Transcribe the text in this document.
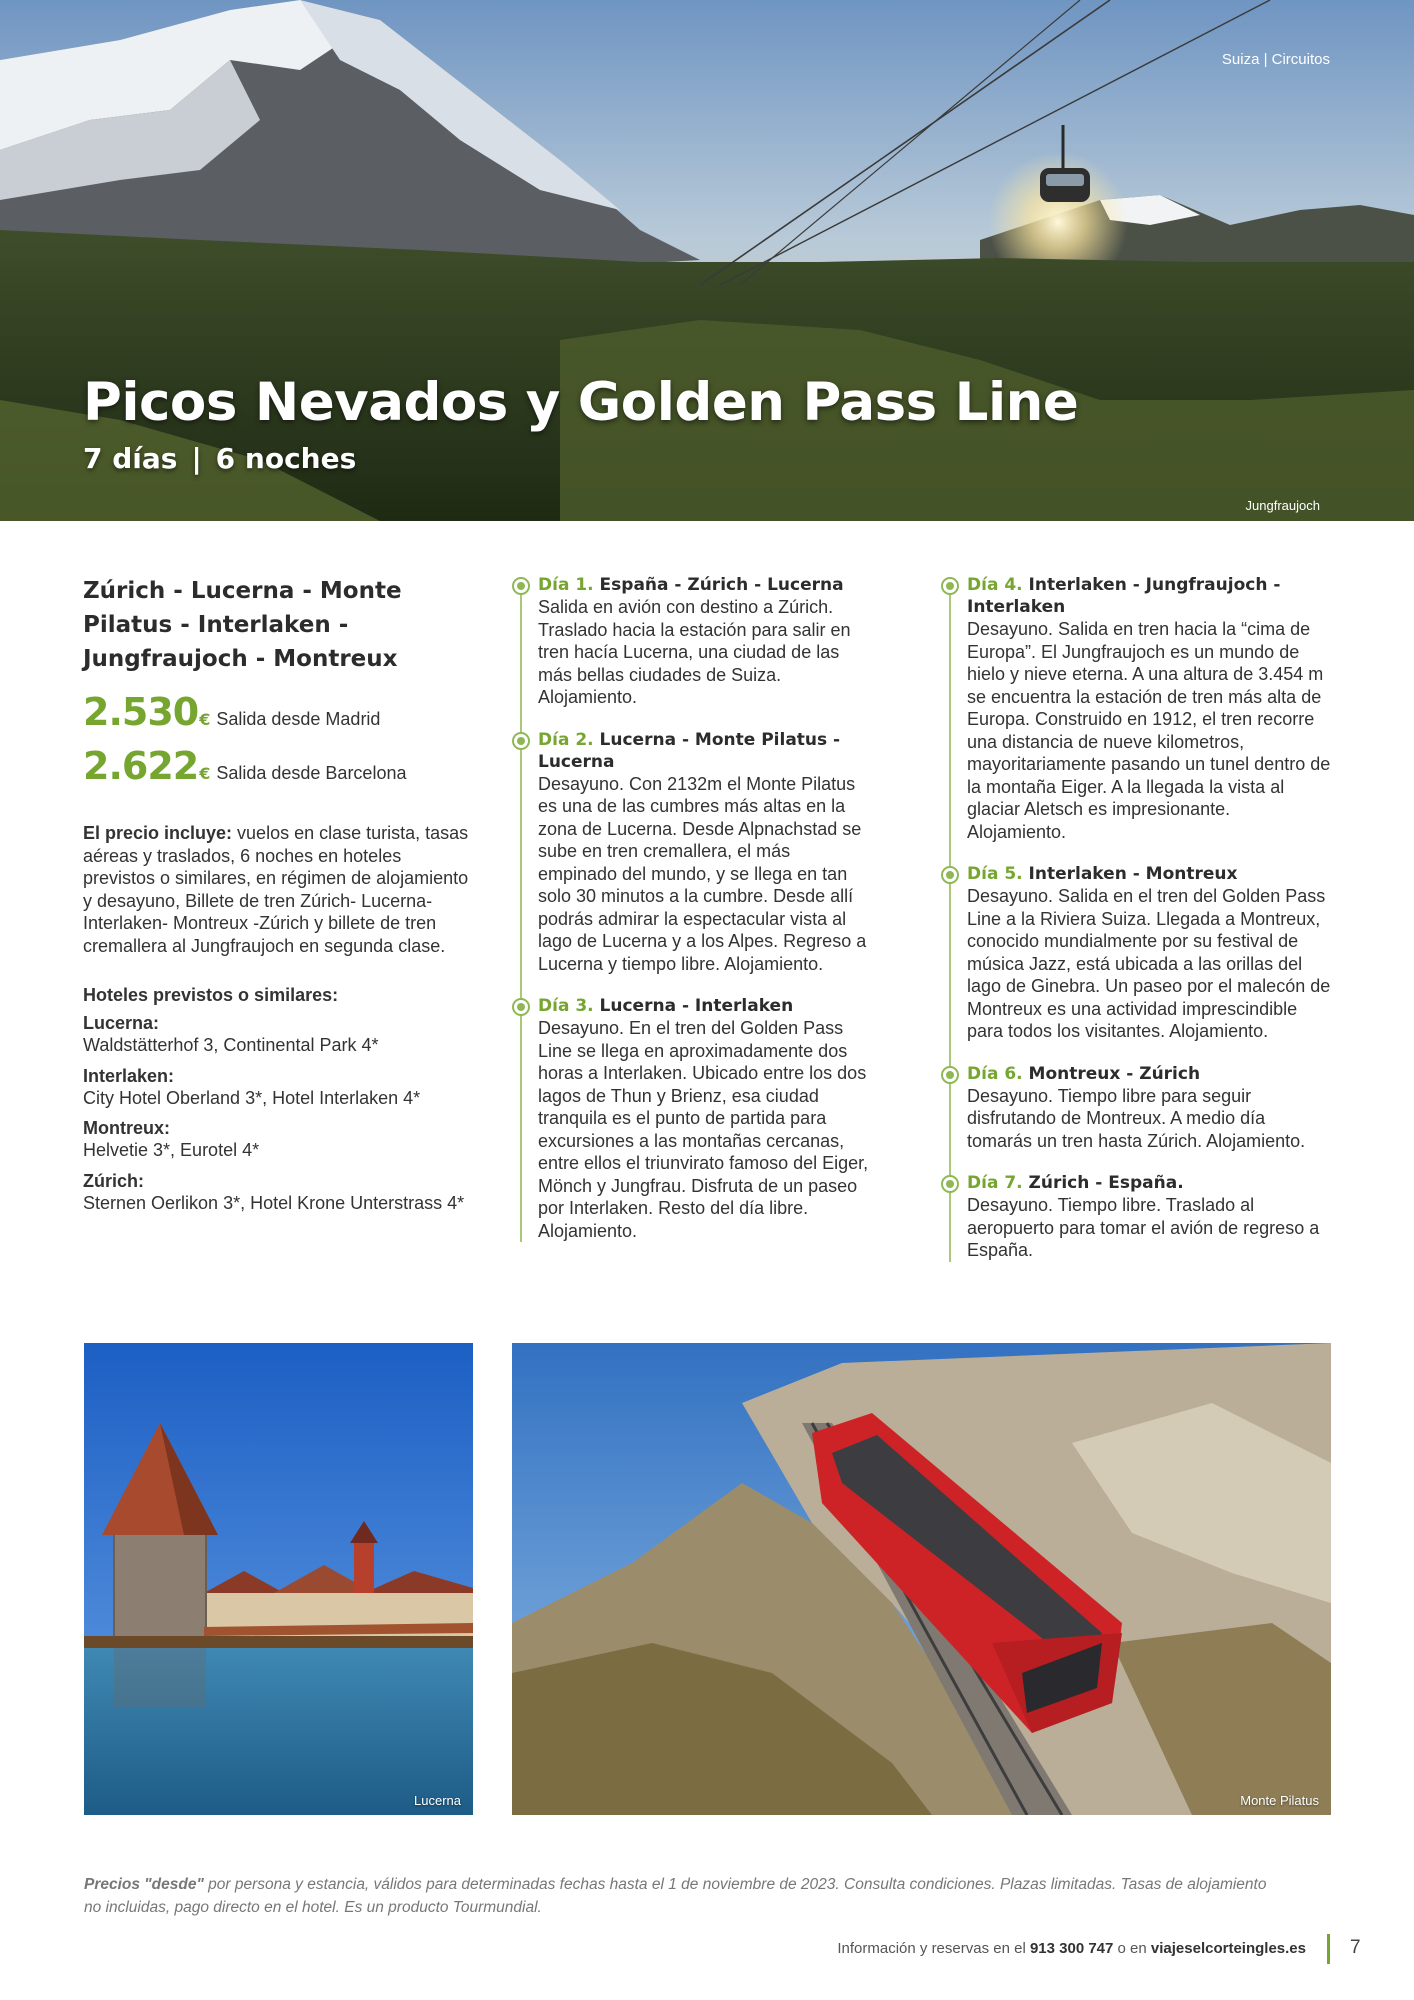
Suiza | Circuitos
Picos Nevados y Golden Pass Line
7 días | 6 noches
Jungfraujoch
Zúrich - Lucerna - Monte Pilatus - Interlaken - Jungfraujoch - Montreux
2.530 € Salida desde Madrid
2.622 € Salida desde Barcelona
El precio incluye: vuelos en clase turista, tasas aéreas y traslados, 6 noches en hoteles previstos o similares, en régimen de alojamiento y desayuno, Billete de tren Zúrich- Lucerna- Interlaken- Montreux -Zúrich y billete de tren cremallera al Jungfraujoch en segunda clase.
Hoteles previstos o similares:
Lucerna:
Waldstätterhof 3, Continental Park 4*
Interlaken:
City Hotel Oberland 3*, Hotel Interlaken 4*
Montreux:
Helvetie 3*, Eurotel 4*
Zúrich:
Sternen Oerlikon 3*, Hotel Krone Unterstrass 4*
Día 1. España - Zúrich - Lucerna
Salida en avión con destino a Zúrich. Traslado hacia la estación para salir en tren hacía Lucerna, una ciudad de las más bellas ciudades de Suiza. Alojamiento.
Día 2. Lucerna - Monte Pilatus - Lucerna
Desayuno. Con 2132m el Monte Pilatus es una de las cumbres más altas en la zona de Lucerna. Desde Alpnachstad se sube en tren cremallera, el más empinado del mundo, y se llega en tan solo 30 minutos a la cumbre. Desde allí podrás admirar la espectacular vista al lago de Lucerna y a los Alpes. Regreso a Lucerna y tiempo libre. Alojamiento.
Día 3. Lucerna - Interlaken
Desayuno. En el tren del Golden Pass Line se llega en aproximadamente dos horas a Interlaken. Ubicado entre los dos lagos de Thun y Brienz, esa ciudad tranquila es el punto de partida para excursiones a las montañas cercanas, entre ellos el triunvirato famoso del Eiger, Mönch y Jungfrau. Disfruta de un paseo por Interlaken. Resto del día libre. Alojamiento.
Día 4. Interlaken - Jungfraujoch - Interlaken
Desayuno. Salida en tren hacia la “cima de Europa”. El Jungfraujoch es un mundo de hielo y nieve eterna. A una altura de 3.454 m se encuentra la estación de tren más alta de Europa. Construido en 1912, el tren recorre una distancia de nueve kilometros, mayoritariamente pasando un tunel dentro de la montaña Eiger. A la llegada la vista al glaciar Aletsch es impresionante. Alojamiento.
Día 5. Interlaken - Montreux
Desayuno. Salida en el tren del Golden Pass Line a la Riviera Suiza. Llegada a Montreux, conocido mundialmente por su festival de música Jazz, está ubicada a las orillas del lago de Ginebra. Un paseo por el malecón de Montreux es una actividad imprescindible para todos los visitantes. Alojamiento.
Día 6. Montreux - Zúrich
Desayuno. Tiempo libre para seguir disfrutando de Montreux. A medio día tomarás un tren hasta Zúrich. Alojamiento.
Día 7. Zúrich - España.
Desayuno. Tiempo libre. Traslado al aeropuerto para tomar el avión de regreso a España.
Lucerna	Monte Pilatus
Precios "desde" por persona y estancia, válidos para determinadas fechas hasta el 1 de noviembre de 2023. Consulta condiciones. Plazas limitadas. Tasas de alojamiento no incluidas, pago directo en el hotel. Es un producto Tourmundial.
Información y reservas en el 913 300 747 o en viajeselcorteingles.es 7
